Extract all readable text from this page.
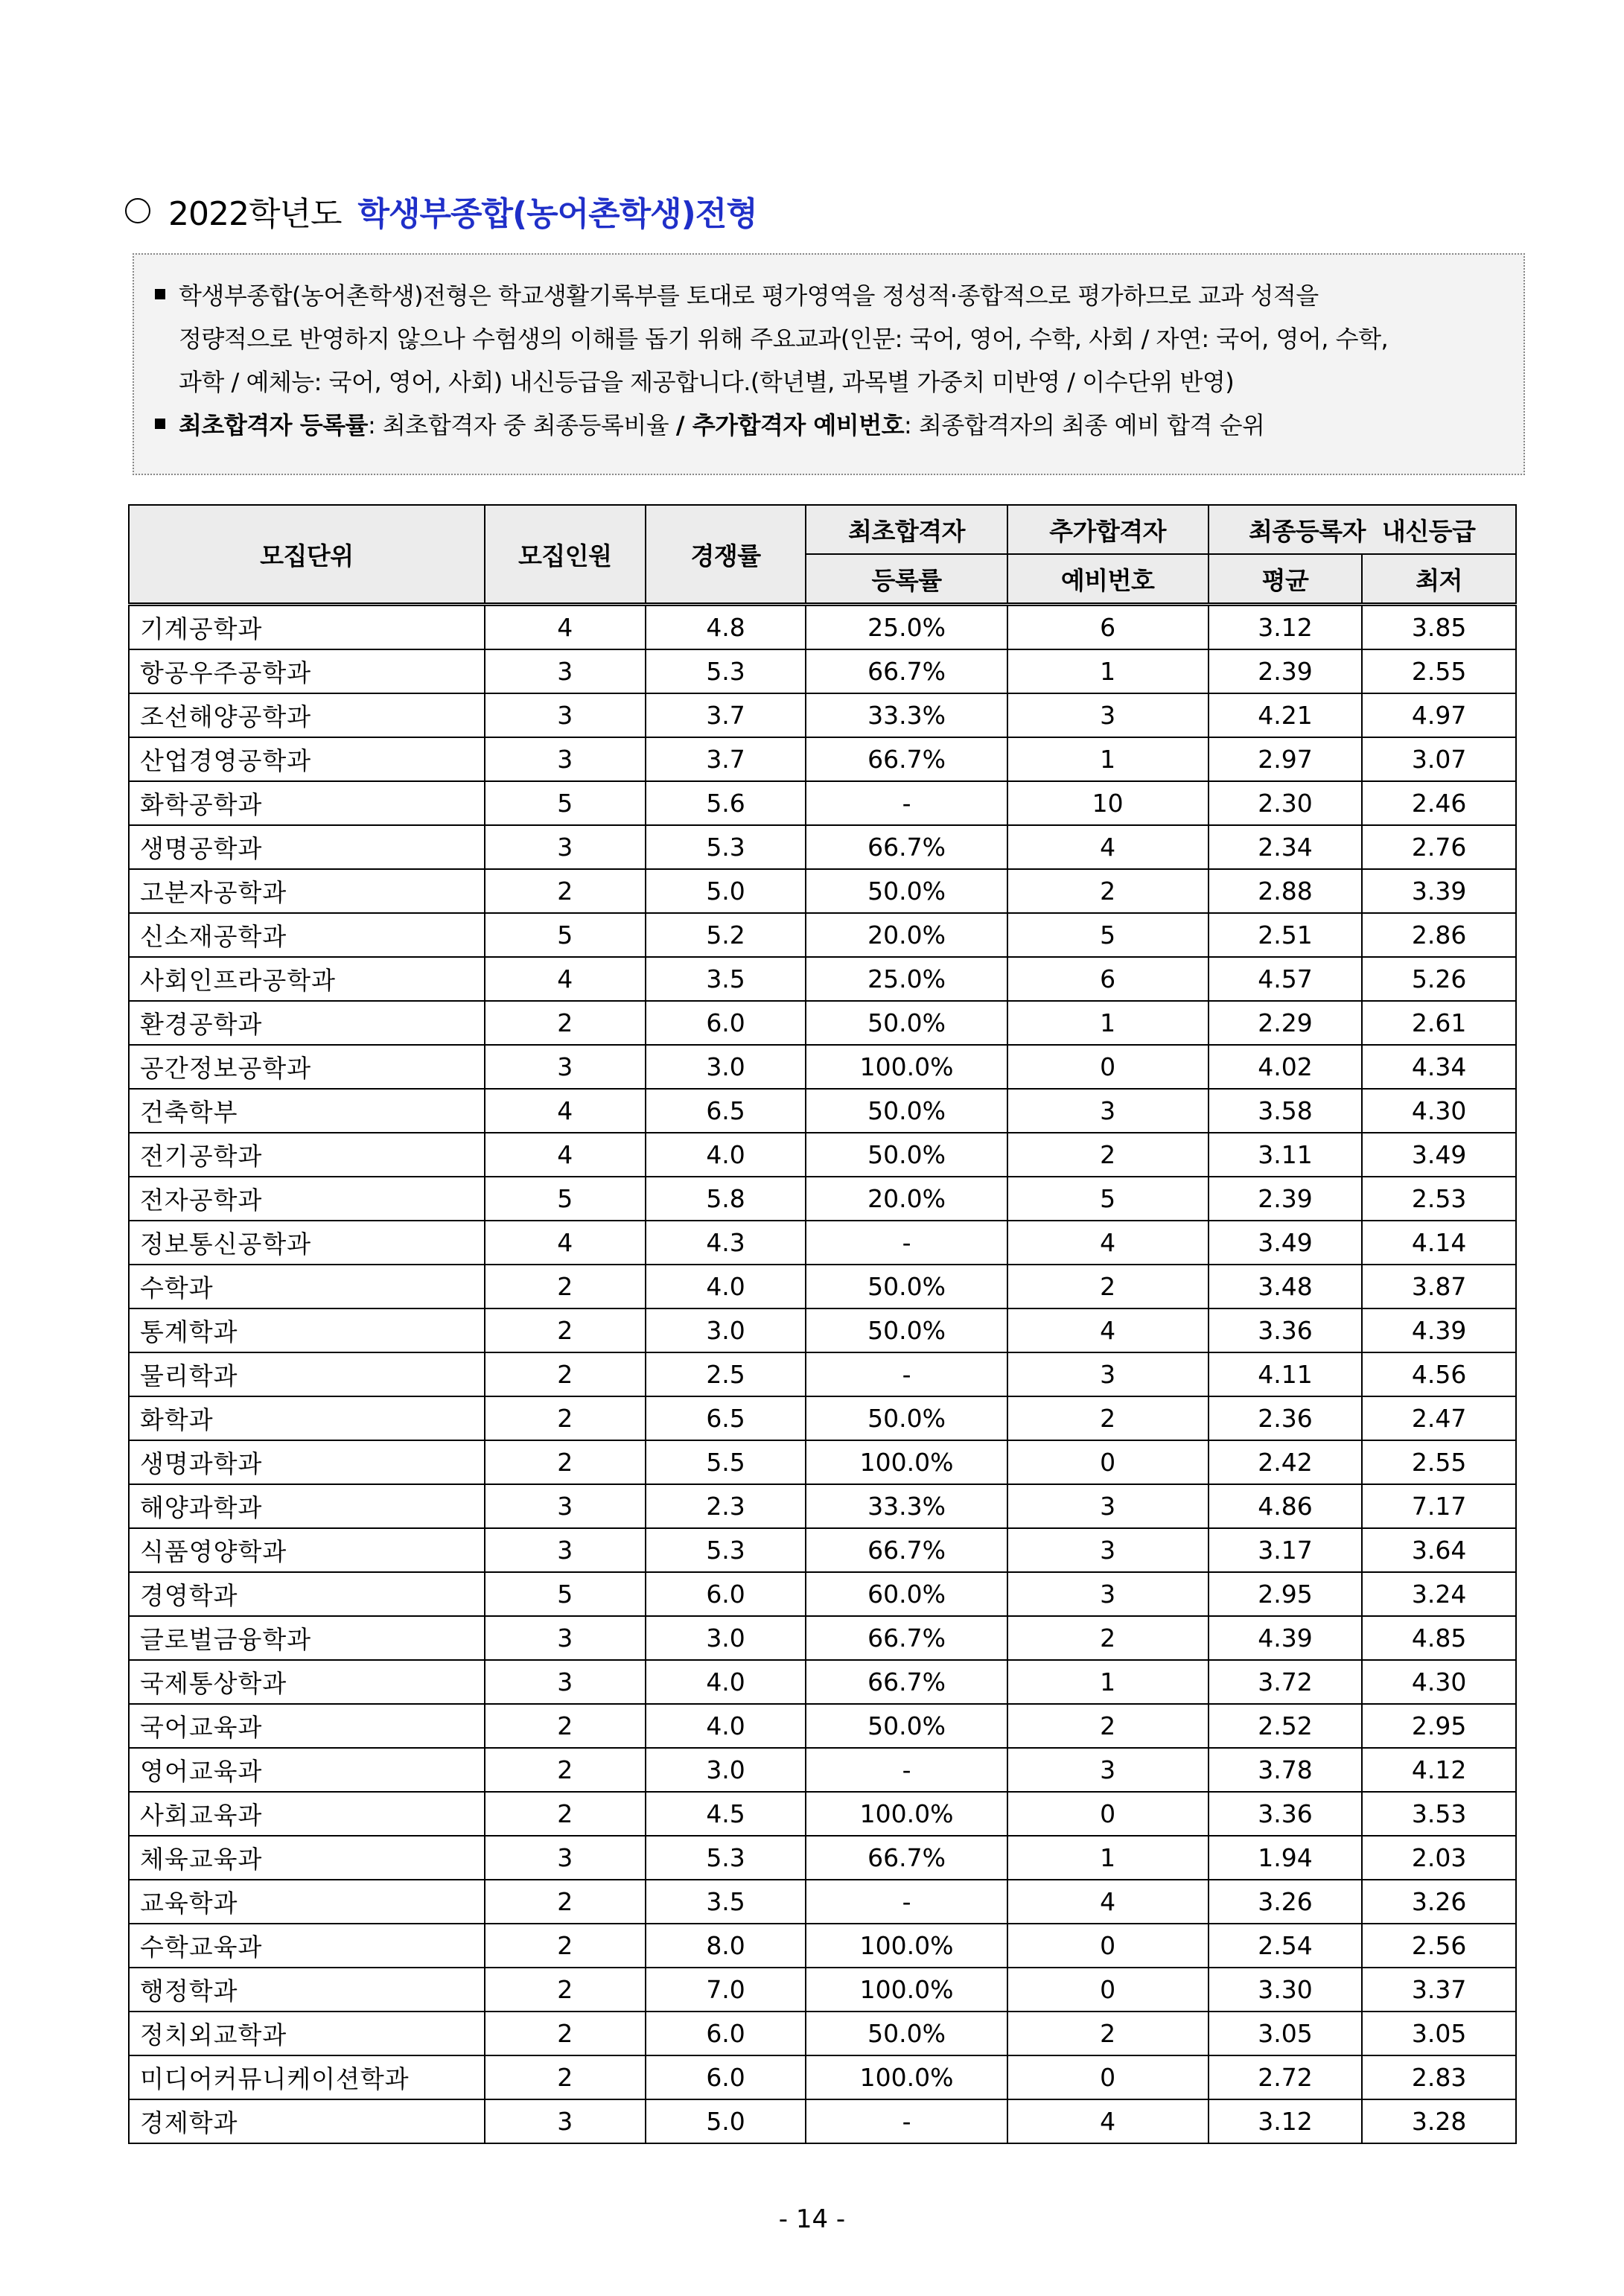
2022학년도 학생부종합(농어촌학생)전형
학생부종합(농어촌학생)전형은 학교생활기록부를 토대로 평가영역을 정성적·종합적으로 평가하므로 교과 성적을
정량적으로 반영하지 않으나 수험생의 이해를 돕기 위해 주요교과(인문: 국어, 영어, 수학, 사회 / 자연: 국어, 영어, 수학,
과학 / 예체능: 국어, 영어, 사회) 내신등급을 제공합니다.(학년별, 과목별 가중치 미반영 / 이수단위 반영)
최초합격자 등록률 : 최초합격자 중 최종등록비율 / 추가합격자 예비번호 : 최종합격자의 최종 예비 합격 순위
모집단위	모집인원	경쟁률	최초합격자	추가합격자	최종등록자  내신등급	
			등록률	예비번호	평균	최저
기계공학과	4	4.8	25.0%	6	3.12	3.85
항공우주공학과	3	5.3	66.7%	1	2.39	2.55
조선해양공학과	3	3.7	33.3%	3	4.21	4.97
산업경영공학과	3	3.7	66.7%	1	2.97	3.07
화학공학과	5	5.6	-	10	2.30	2.46
생명공학과	3	5.3	66.7%	4	2.34	2.76
고분자공학과	2	5.0	50.0%	2	2.88	3.39
신소재공학과	5	5.2	20.0%	5	2.51	2.86
사회인프라공학과	4	3.5	25.0%	6	4.57	5.26
환경공학과	2	6.0	50.0%	1	2.29	2.61
공간정보공학과	3	3.0	100.0%	0	4.02	4.34
건축학부	4	6.5	50.0%	3	3.58	4.30
전기공학과	4	4.0	50.0%	2	3.11	3.49
전자공학과	5	5.8	20.0%	5	2.39	2.53
정보통신공학과	4	4.3	-	4	3.49	4.14
수학과	2	4.0	50.0%	2	3.48	3.87
통계학과	2	3.0	50.0%	4	3.36	4.39
물리학과	2	2.5	-	3	4.11	4.56
화학과	2	6.5	50.0%	2	2.36	2.47
생명과학과	2	5.5	100.0%	0	2.42	2.55
해양과학과	3	2.3	33.3%	3	4.86	7.17
식품영양학과	3	5.3	66.7%	3	3.17	3.64
경영학과	5	6.0	60.0%	3	2.95	3.24
글로벌금융학과	3	3.0	66.7%	2	4.39	4.85
국제통상학과	3	4.0	66.7%	1	3.72	4.30
국어교육과	2	4.0	50.0%	2	2.52	2.95
영어교육과	2	3.0	-	3	3.78	4.12
사회교육과	2	4.5	100.0%	0	3.36	3.53
체육교육과	3	5.3	66.7%	1	1.94	2.03
교육학과	2	3.5	-	4	3.26	3.26
수학교육과	2	8.0	100.0%	0	2.54	2.56
행정학과	2	7.0	100.0%	0	3.30	3.37
정치외교학과	2	6.0	50.0%	2	3.05	3.05
미디어커뮤니케이션학과	2	6.0	100.0%	0	2.72	2.83
경제학과	3	5.0	-	4	3.12	3.28
- 14 -
